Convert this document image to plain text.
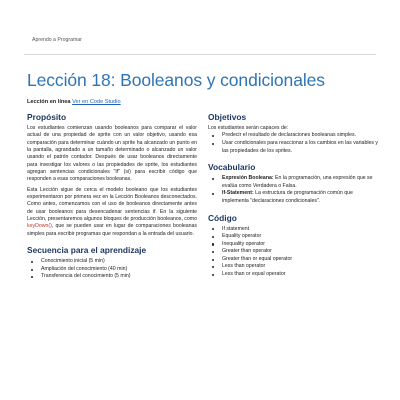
Aprendo a Programar
Lección 18: Booleanos y condicionales
Lección en línea Ver en Code Studio
Propósito

Los estudiantes comienzan usando booleanos para comparar el valor actual de una propiedad de sprite con un valor objetivo, usando esa comparación para determinar cuándo un sprite ha alcanzado un punto en la pantalla, agrandado a un tamaño determinado o alcanzado un valor usando el patrón contador. Después de usar booleanos directamente para investigar los valores o las propiedades de sprite, los estudiantes agregan sentencias condicionales "if" (si) para escribir código que responden a esas comparaciones booleanas.

Esta Lección sigue de cerca el modelo booleano que los estudiantes experimentaron por primera vez en la Lección Booleanos desconectados. Como antes, comenzamos con el uso de booleanos directamente antes de usar booleanos para desencadenar sentencias if. En la siguiente Lección, presentaremos algunos bloques de producción booleanos, como keyDown(), que se pueden usar en lugar de comparaciones booleanas simples para escribir programas que respondan a la entrada del usuario.

Secuencia para el aprendizaje
Conocimiento inicial (5 min)
Ampliación del conocimiento (40 min)
Transferencia del conocimiento (5 min)
Objetivos

Los estudiantes serán capaces de:

Predecir el resultado de declaraciones booleanas simples.
Usar condicionales para reaccionar a los cambios en las variables y las propiedades de los sprites.
Vocabulario
Expresión Booleana: En la programación, una expresión que se evalúa como Verdadera o Falsa.
If-Statement: La estructura de programación común que implementa "declaraciones condicionales".
Código
If statement
Equality operator
Inequality operator
Greater than operator
Greater than or equal operator
Less than operator
Less than or equal operator
